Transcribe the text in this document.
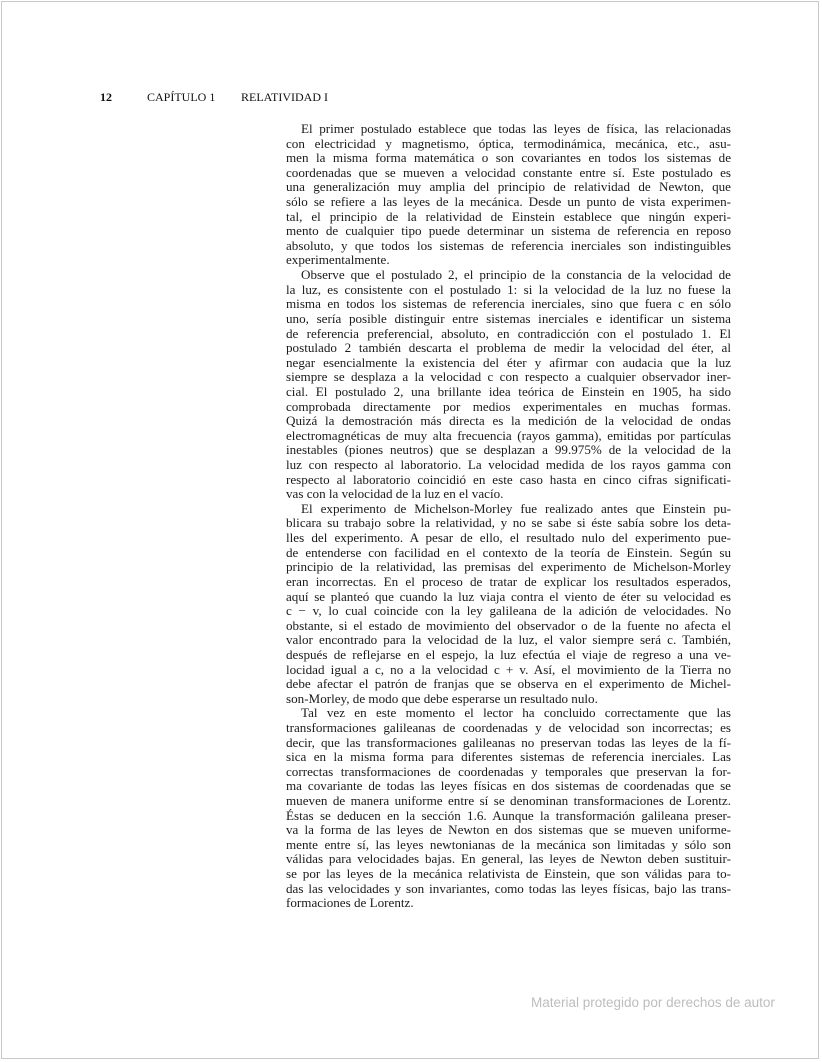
12	CAPÍTULO 1 RELATIVIDAD I
El primer postulado establece que todas las leyes de física, las relacionadas
con electricidad y magnetismo, óptica, termodinámica, mecánica, etc., asu-
men la misma forma matemática o son covariantes en todos los sistemas de
coordenadas que se mueven a velocidad constante entre sí. Este postulado es
una generalización muy amplia del principio de relatividad de Newton, que
sólo se refiere a las leyes de la mecánica. Desde un punto de vista experimen-
tal, el principio de la relatividad de Einstein establece que ningún experi-
mento de cualquier tipo puede determinar un sistema de referencia en reposo
absoluto, y que todos los sistemas de referencia inerciales son indistinguibles
experimentalmente.
Observe que el postulado 2, el principio de la constancia de la velocidad de
la luz, es consistente con el postulado 1: si la velocidad de la luz no fuese la
misma en todos los sistemas de referencia inerciales, sino que fuera c en sólo
uno, sería posible distinguir entre sistemas inerciales e identificar un sistema
de referencia preferencial, absoluto, en contradicción con el postulado 1. El
postulado 2 también descarta el problema de medir la velocidad del éter, al
negar esencialmente la existencia del éter y afirmar con audacia que la luz
siempre se desplaza a la velocidad c con respecto a cualquier observador iner-
cial. El postulado 2, una brillante idea teórica de Einstein en 1905, ha sido
comprobada directamente por medios experimentales en muchas formas.
Quizá la demostración más directa es la medición de la velocidad de ondas
electromagnéticas de muy alta frecuencia (rayos gamma), emitidas por partículas
inestables (piones neutros) que se desplazan a 99.975% de la velocidad de la
luz con respecto al laboratorio. La velocidad medida de los rayos gamma con
respecto al laboratorio coincidió en este caso hasta en cinco cifras significati-
vas con la velocidad de la luz en el vacío.
El experimento de Michelson-Morley fue realizado antes que Einstein pu-
blicara su trabajo sobre la relatividad, y no se sabe si éste sabía sobre los deta-
lles del experimento. A pesar de ello, el resultado nulo del experimento pue-
de entenderse con facilidad en el contexto de la teoría de Einstein. Según su
principio de la relatividad, las premisas del experimento de Michelson-Morley
eran incorrectas. En el proceso de tratar de explicar los resultados esperados,
aquí se planteó que cuando la luz viaja contra el viento de éter su velocidad es
c − v, lo cual coincide con la ley galileana de la adición de velocidades. No
obstante, si el estado de movimiento del observador o de la fuente no afecta el
valor encontrado para la velocidad de la luz, el valor siempre será c. También,
después de reflejarse en el espejo, la luz efectúa el viaje de regreso a una ve-
locidad igual a c, no a la velocidad c + v. Así, el movimiento de la Tierra no
debe afectar el patrón de franjas que se observa en el experimento de Michel-
son-Morley, de modo que debe esperarse un resultado nulo.
Tal vez en este momento el lector ha concluido correctamente que las
transformaciones galileanas de coordenadas y de velocidad son incorrectas; es
decir, que las transformaciones galileanas no preservan todas las leyes de la fí-
sica en la misma forma para diferentes sistemas de referencia inerciales. Las
correctas transformaciones de coordenadas y temporales que preservan la for-
ma covariante de todas las leyes físicas en dos sistemas de coordenadas que se
mueven de manera uniforme entre sí se denominan transformaciones de Lorentz.
Éstas se deducen en la sección 1.6. Aunque la transformación galileana preser-
va la forma de las leyes de Newton en dos sistemas que se mueven uniforme-
mente entre sí, las leyes newtonianas de la mecánica son limitadas y sólo son
válidas para velocidades bajas. En general, las leyes de Newton deben sustituir-
se por las leyes de la mecánica relativista de Einstein, que son válidas para to-
das las velocidades y son invariantes, como todas las leyes físicas, bajo las trans-
formaciones de Lorentz.
Material protegido por derechos de autor
